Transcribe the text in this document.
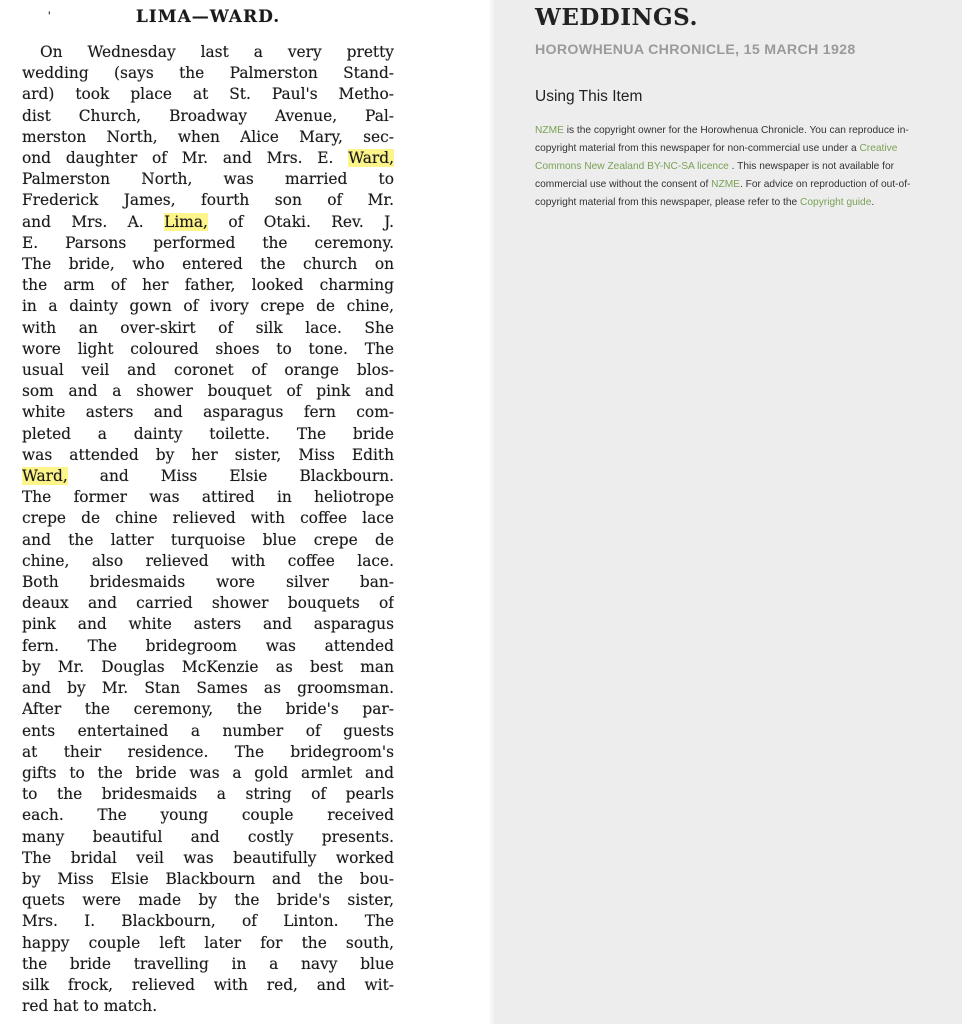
'	LIMA—WARD.
On Wednesday last a very pretty
wedding (says the Palmerston Stand-
ard) took place at St. Paul's Metho-
dist Church, Broadway Avenue, Pal-
merston North, when Alice Mary, sec-
ond daughter of Mr. and Mrs. E. Ward,
Palmerston North, was married to
Frederick James, fourth son of Mr.
and Mrs. A. Lima, of Otaki. Rev. J.
E. Parsons performed the ceremony.
The bride, who entered the church on
the arm of her father, looked charming
in a dainty gown of ivory crepe de chine,
with an over-skirt of silk lace. She
wore light coloured shoes to tone. The
usual veil and coronet of orange blos-
som and a shower bouquet of pink and
white asters and asparagus fern com-
pleted a dainty toilette. The bride
was attended by her sister, Miss Edith
Ward, and Miss Elsie Blackbourn.
The former was attired in heliotrope
crepe de chine relieved with coffee lace
and the latter turquoise blue crepe de
chine, also relieved with coffee lace.
Both bridesmaids wore silver ban-
deaux and carried shower bouquets of
pink and white asters and asparagus
fern. The bridegroom was attended
by Mr. Douglas McKenzie as best man
and by Mr. Stan Sames as groomsman.
After the ceremony, the bride's par-
ents entertained a number of guests
at their residence. The bridegroom's
gifts to the bride was a gold armlet and
to the bridesmaids a string of pearls
each. The young couple received
many beautiful and costly presents.
The bridal veil was beautifully worked
by Miss Elsie Blackbourn and the bou-
quets were made by the bride's sister,
Mrs. I. Blackbourn, of Linton. The
happy couple left later for the south,
the bride travelling in a navy blue
silk frock, relieved with red, and wit-
red hat to match.
WEDDINGS.
HOROWHENUA CHRONICLE, 15 MARCH 1928
Using This Item
NZME is the copyright owner for the Horowhenua Chronicle. You can reproduce in-copyright material from this newspaper for non-commercial use under a Creative Commons New Zealand BY-NC-SA licence . This newspaper is not available for commercial use without the consent of NZME. For advice on reproduction of out-of-copyright material from this newspaper, please refer to the Copyright guide.
